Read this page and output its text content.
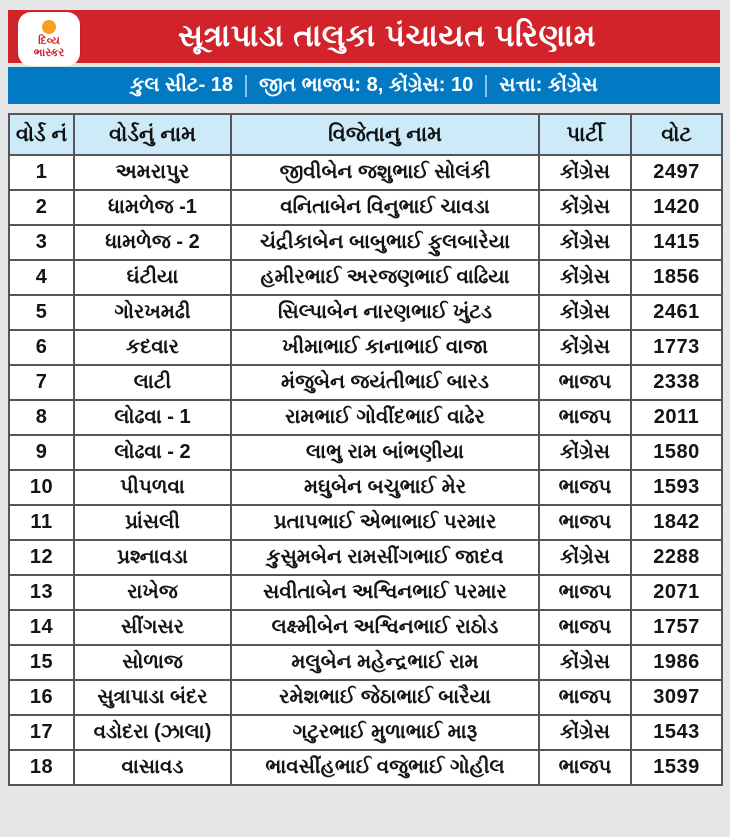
દિવ્ય
ભાસ્કર	સૂત્રાપાડા તાલુકા પંચાયત પરિણામ
કુલ સીટ- 18 જીત ભાજપ: 8, કોંગ્રેસ: 10 સત્તા: કોંગ્રેસ
વોર્ડ નં	વોર્ડનું નામ	વિજેતાનુ નામ	પાર્ટી	વોટ
1	અમરાપુર	જીવીબેન જશુભાઈ સોલંકી	કોંગ્રેસ	2497
2	ધામળેજ -1	વનિતાબેન વિનુભાઈ ચાવડા	કોંગ્રેસ	1420
3	ધામળેજ - 2	ચંદ્રીકાબેન બાબુભાઈ ફુલબારેયા	કોંગ્રેસ	1415
4	ઘંટીયા	હમીરભાઈ અરજણભાઈ વાઢિયા	કોંગ્રેસ	1856
5	ગોરખમઢી	સિલ્પાબેન નારણભાઈ ખુંટડ	કોંગ્રેસ	2461
6	કદવાર	ખીમાભાઈ કાનાભાઈ વાજા	કોંગ્રેસ	1773
7	લાટી	મંજુબેન જયંતીભાઈ બારડ	ભાજપ	2338
8	લોઢવા - 1	રામભાઈ ગોવીંદભાઈ વાઢેર	ભાજપ	2011
9	લોઢવા - 2	લાભુ રામ બાંભણીયા	કોંગ્રેસ	1580
10	પીપળવા	મઘુબેન બચુભાઈ મેર	ભાજપ	1593
11	પ્રાંસલી	પ્રતાપભાઈ એભાભાઈ પરમાર	ભાજપ	1842
12	પ્રશ્નાવડા	કુસુમબેન રામસીંગભાઈ જાદવ	કોંગ્રેસ	2288
13	રાખેજ	સવીતાબેન અશ્વિનભાઈ પરમાર	ભાજપ	2071
14	સીંગસર	લક્ષ્મીબેન અશ્વિનભાઈ રાઠોડ	ભાજપ	1757
15	સોળાજ	મલુબેન મહેન્દ્રભાઈ રામ	કોંગ્રેસ	1986
16	સુત્રાપાડા બંદર	રમેશભાઈ જેઠાભાઈ બારૈયા	ભાજપ	3097
17	વડોદરા (ઝાલા)	ગટુરભાઈ મુળાભાઈ મારૂ	કોંગ્રેસ	1543
18	વાસાવડ	ભાવસીંહભાઈ વજુભાઈ ગોહીલ	ભાજપ	1539
